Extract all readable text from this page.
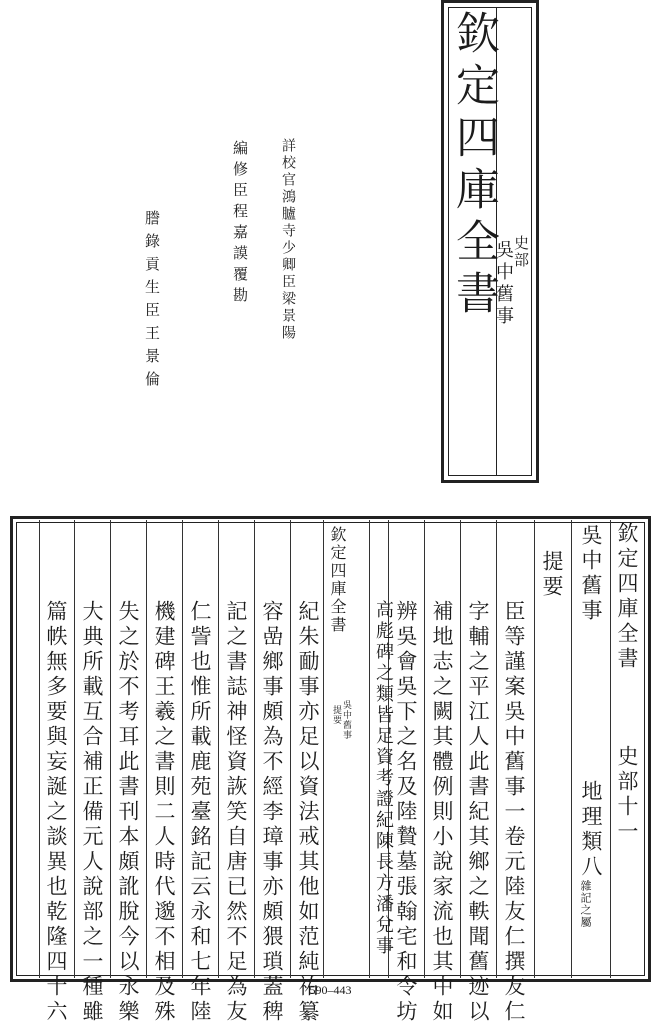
欽定四庫全書 史部
吳中舊事
詳校官鴻臚寺少卿臣梁景陽
編修臣程嘉謨覆勘
謄錄貢生臣王景倫
欽定四庫全書
史部十一
吳中舊事
地理類八
雜記之屬
提要
臣等謹案吳中舊事一卷元陸友仁撰友仁
字輔之平江人此書紀其鄉之軼聞舊迹以
補地志之闕其體例則小說家流也其中如
辨吳會吳下之名及陸贄墓張翰宅和令坊
高彪碑之類皆足資考證紀陳長方潘兌事
欽定四庫全書
吳中舊事
提要
紀朱勔事亦足以資法戒其他如范純祐纂
容嵒鄉事頗為不經李璋事亦頗猥瑣蓋稗
記之書誌神怪資詼笑自唐已然不足為友
仁訾也惟所載鹿苑臺銘記云永和七年陸
機建碑王羲之書則二人時代邈不相及殊
失之於不考耳此書刊本頗訛脫今以永樂
大典所載互合補正備元人說部之一種雖
篇帙無多要與妄誕之談異也乾隆四十六	590–443
